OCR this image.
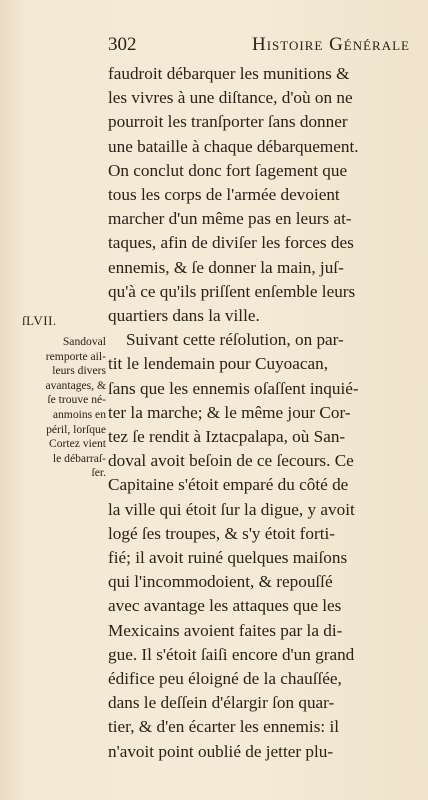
302	Histoire Générale
ſLVII.
Sandoval
remporte ail-
leurs divers
avantages, &
ſe trouve né-
anmoins en
péril, lorſque
Cortez vient
le débarraſ-
ſer.
faudroit débarquer les munitions &
les vivres à une diſtance, d'où on ne
pourroit les tranſporter ſans donner
une bataille à chaque débarquement.
On conclut donc fort ſagement que
tous les corps de l'armée devoient
marcher d'un même pas en leurs at-
taques, afin de diviſer les forces des
ennemis, & ſe donner la main, juſ-
qu'à ce qu'ils priſſent enſemble leurs
quartiers dans la ville.
Suivant cette réſolution, on par-
tit le lendemain pour Cuyoacan,
ſans que les ennemis oſaſſent inquié-
ter la marche; & le même jour Cor-
tez ſe rendit à Iztacpalapa, où San-
doval avoit beſoin de ce ſecours. Ce
Capitaine s'étoit emparé du côté de
la ville qui étoit ſur la digue, y avoit
logé ſes troupes, & s'y étoit forti-
fié; il avoit ruiné quelques maiſons
qui l'incommodoient, & repouſſé
avec avantage les attaques que les
Mexicains avoient faites par la di-
gue. Il s'étoit ſaiſi encore d'un grand
édifice peu éloigné de la chauſſée,
dans le deſſein d'élargir ſon quar-
tier, & d'en écarter les ennemis: il
n'avoit point oublié de jetter plu-
